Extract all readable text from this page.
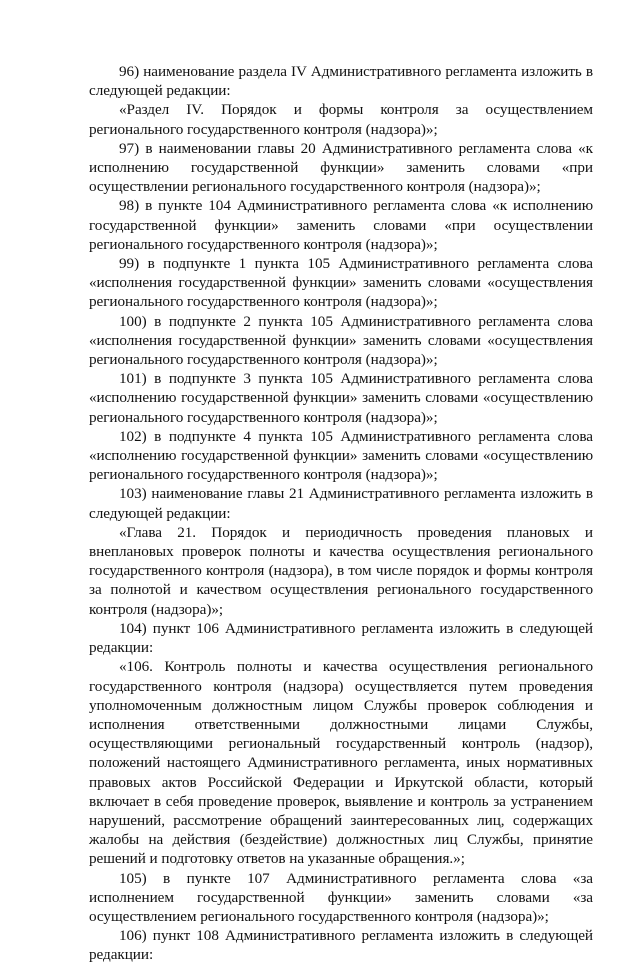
96) наименование раздела IV Административного регламента изложить в следующей редакции:

«Раздел IV. Порядок и формы контроля за осуществлением регионального государственного контроля (надзора)»;

97) в наименовании главы 20 Административного регламента слова «к исполнению государственной функции» заменить словами «при осуществлении регионального государственного контроля (надзора)»;

98) в пункте 104 Административного регламента слова «к исполнению государственной функции» заменить словами «при осуществлении регионального государственного контроля (надзора)»;

99) в подпункте 1 пункта 105 Административного регламента слова «исполнения государственной функции» заменить словами «осуществления регионального государственного контроля (надзора)»;

100) в подпункте 2 пункта 105 Административного регламента слова «исполнения государственной функции» заменить словами «осуществления регионального государственного контроля (надзора)»;

101) в подпункте 3 пункта 105 Административного регламента слова «исполнению государственной функции» заменить словами «осуществлению регионального государственного контроля (надзора)»;

102) в подпункте 4 пункта 105 Административного регламента слова «исполнению государственной функции» заменить словами «осуществлению регионального государственного контроля (надзора)»;

103) наименование главы 21 Административного регламента изложить в следующей редакции:

«Глава 21. Порядок и периодичность проведения плановых и внеплановых проверок полноты и качества осуществления регионального государственного контроля (надзора), в том числе порядок и формы контроля за полнотой и качеством осуществления регионального государственного контроля (надзора)»;

104) пункт 106 Административного регламента изложить в следующей редакции:

«106. Контроль полноты и качества осуществления регионального государственного контроля (надзора) осуществляется путем проведения уполномоченным должностным лицом Службы проверок соблюдения и исполнения ответственными должностными лицами Службы, осуществляющими региональный государственный контроль (надзор), положений настоящего Административного регламента, иных нормативных правовых актов Российской Федерации и Иркутской области, который включает в себя проведение проверок, выявление и контроль за устранением нарушений, рассмотрение обращений заинтересованных лиц, содержащих жалобы на действия (бездействие) должностных лиц Службы, принятие решений и подготовку ответов на указанные обращения.»;

105) в пункте 107 Административного регламента слова «за исполнением государственной функции» заменить словами «за осуществлением регионального государственного контроля (надзора)»;

106) пункт 108 Административного регламента изложить в следующей редакции:
